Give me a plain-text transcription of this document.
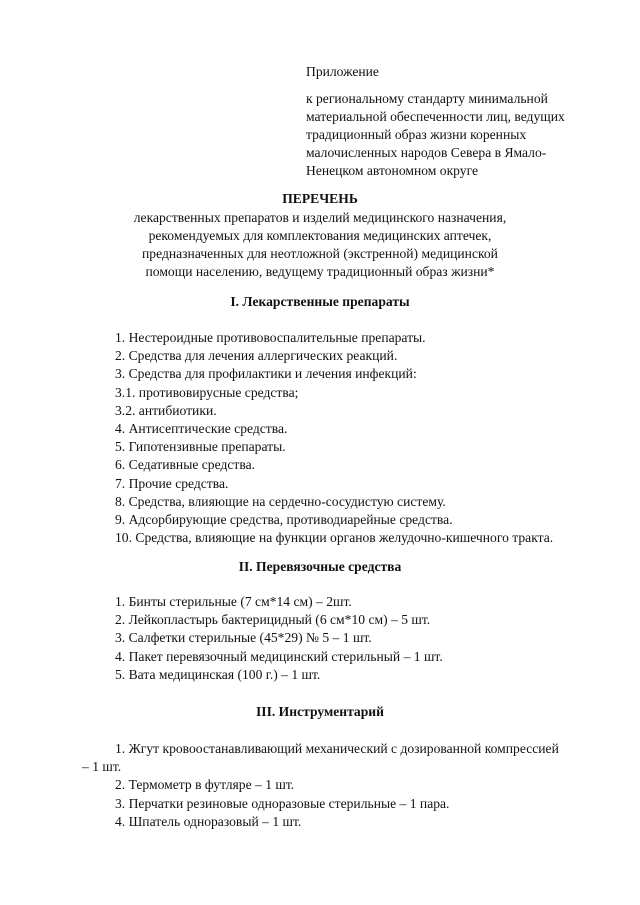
Приложение
к региональному стандарту минимальной
материальной обеспеченности лиц, ведущих
традиционный образ жизни коренных
малочисленных народов Севера в Ямало-
Ненецком автономном округе
ПЕРЕЧЕНЬ
лекарственных препаратов и изделий медицинского назначения,
рекомендуемых для комплектования медицинских аптечек,
предназначенных для неотложной (экстренной) медицинской
помощи населению, ведущему традиционный образ жизни*
I. Лекарственные препараты
1. Нестероидные противовоспалительные препараты.
2. Средства для лечения аллергических реакций.
3. Средства для профилактики и лечения инфекций:
3.1. противовирусные средства;
3.2. антибиотики.
4. Антисептические средства.
5. Гипотензивные препараты.
6. Седативные средства.
7. Прочие средства.
8. Средства, влияющие на сердечно-сосудистую систему.
9. Адсорбирующие средства, противодиарейные средства.
10. Средства, влияющие на функции органов желудочно-кишечного тракта.
II. Перевязочные средства
1. Бинты стерильные (7 см*14 см) – 2шт.
2. Лейкопластырь бактерицидный (6 см*10 см) – 5 шт.
3. Салфетки стерильные (45*29) № 5 – 1 шт.
4. Пакет перевязочный медицинский стерильный – 1 шт.
5. Вата медицинская (100 г.) – 1 шт.
III. Инструментарий
1. Жгут кровоостанавливающий механический с дозированной компрессией
– 1 шт.
2. Термометр в футляре – 1 шт.
3. Перчатки резиновые одноразовые стерильные – 1 пара.
4. Шпатель одноразовый – 1 шт.
